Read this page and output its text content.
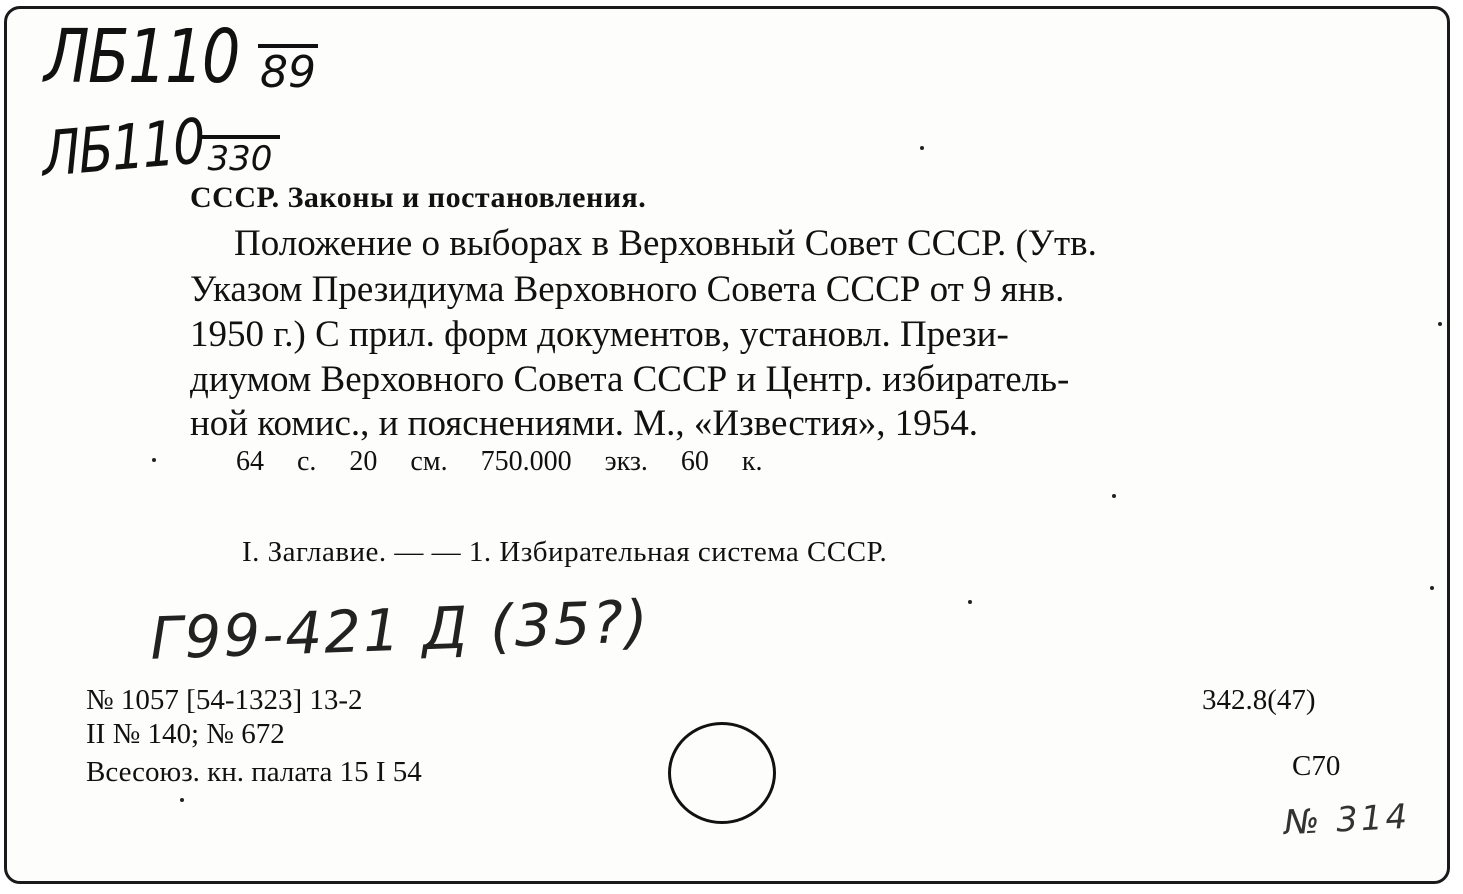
ЛБ110 89
ЛБ110 330
СССР. Законы и постановления.
Положение о выборах в Верховный Совет СССР. (Утв.
Указом Президиума Верховного Совета СССР от 9 янв.
1950 г.) С прил. форм документов, установл. Прези-
диумом Верховного Совета СССР и Центр. избиратель-
ной комис., и пояснениями. М., «Известия», 1954.
64 с. 20 см. 750.000 экз. 60 к.
I. Заглавие. — — 1. Избирательная система СССР.
Г99-421 Д (35?)
№ 1057 [54-1323] 13-2
II № 140; № 672
Всесоюз. кн. палата 15 I 54
342.8(47)
С70
№ 314
